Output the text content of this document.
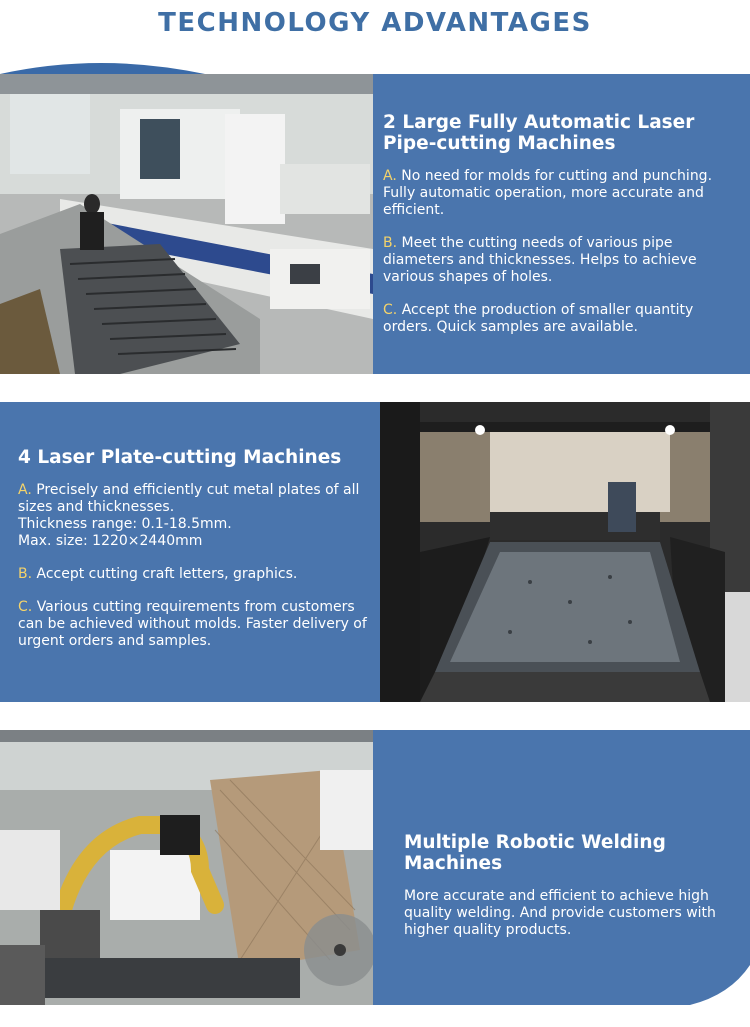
TECHNOLOGY ADVANTAGES
2 Large Fully Automatic Laser
Pipe-cutting Machines

A. No need for molds for cutting and punching. Fully automatic operation, more accurate and efficient.

B. Meet the cutting needs of various pipe diameters and thicknesses. Helps to achieve various shapes of holes.

C. Accept the production of smaller quantity orders. Quick samples are available.

4 Laser Plate-cutting Machines

A. Precisely and efficiently cut metal plates of all sizes and thicknesses.
Thickness range: 0.1-18.5mm.
Max. size: 1220×2440mm

B. Accept cutting craft letters, graphics.

C. Various cutting requirements from customers can be achieved without molds. Faster delivery of urgent orders and samples.

Multiple Robotic Welding Machines

More accurate and efficient to achieve high quality welding. And provide customers with higher quality products.
